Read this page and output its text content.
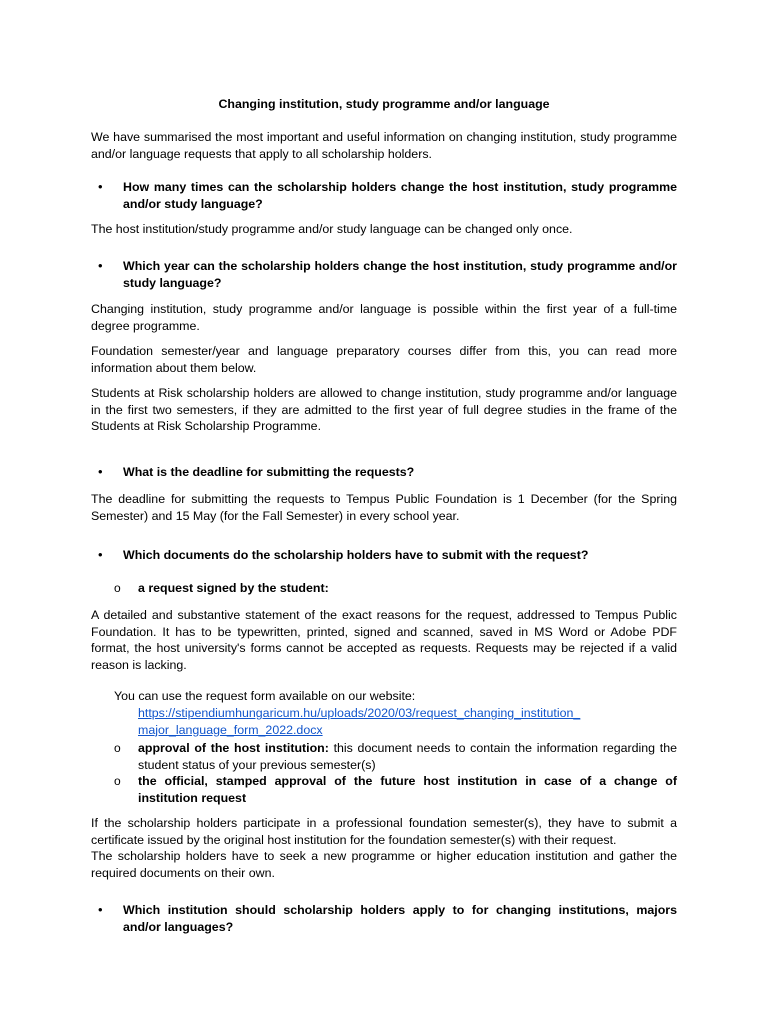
Changing institution, study programme and/or language

We have summarised the most important and useful information on changing institution, study programme and/or language requests that apply to all scholarship holders.

• How many times can the scholarship holders change the host institution, study programme and/or study language?

The host institution/study programme and/or study language can be changed only once.

• Which year can the scholarship holders change the host institution, study programme and/or study language?

Changing institution, study programme and/or language is possible within the first year of a full-time degree programme.

Foundation semester/year and language preparatory courses differ from this, you can read more information about them below.

Students at Risk scholarship holders are allowed to change institution, study programme and/or language in the first two semesters, if they are admitted to the first year of full degree studies in the frame of the Students at Risk Scholarship Programme.

• What is the deadline for submitting the requests?

The deadline for submitting the requests to Tempus Public Foundation is 1 December (for the Spring Semester) and 15 May (for the Fall Semester) in every school year.

• Which documents do the scholarship holders have to submit with the request?

o a request signed by the student:

A detailed and substantive statement of the exact reasons for the request, addressed to Tempus Public Foundation. It has to be typewritten, printed, signed and scanned, saved in MS Word or Adobe PDF format, the host university's forms cannot be accepted as requests. Requests may be rejected if a valid reason is lacking.

You can use the request form available on our website:

https://stipendiumhungaricum.hu/uploads/2020/03/request_changing_institution_
major_language_form_2022.docx
o approval of the host institution: this document needs to contain the information regarding the student status of your previous semester(s)

o the official, stamped approval of the future host institution in case of a change of institution request

If the scholarship holders participate in a professional foundation semester(s), they have to submit a certificate issued by the original host institution for the foundation semester(s) with their request.
The scholarship holders have to seek a new programme or higher education institution and gather the required documents on their own.
• Which institution should scholarship holders apply to for changing institutions, majors and/or languages?
